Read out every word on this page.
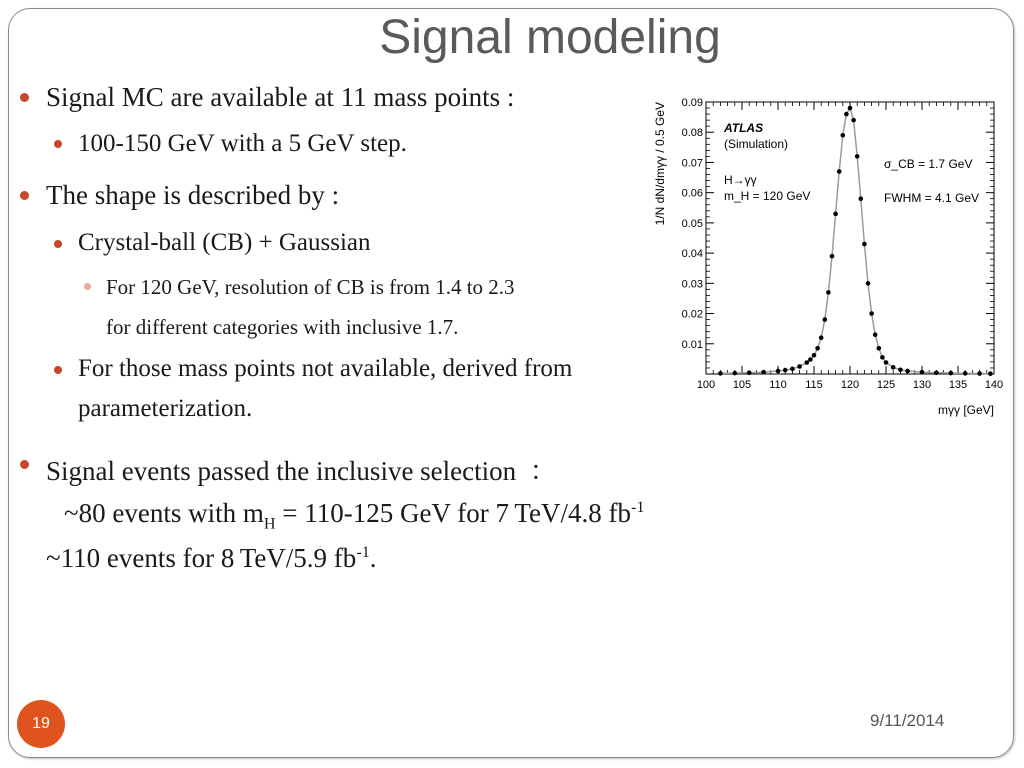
Signal modeling
Signal MC are available at 11 mass points :
100-150 GeV with a 5 GeV step.
The shape is described by :
Crystal-ball (CB) + Gaussian
For 120 GeV, resolution of CB is from 1.4 to 2.3
for different categories with inclusive 1.7.
For those mass points not available, derived from
parameterization.
Signal events passed the inclusive selection  ：
~80 events with $m_H = 110-125$ GeV for 7 TeV/4.8 $fb^{-1}$
~110 events for 8 TeV/5.9 $fb^{-1}$.
100 105 110 115 120 125 130 135 140
0.01
0.02
0.03
0.04
0.05
0.06
0.07
0.08
0.09
mγγ [GeV]
1/N dN/dmγγ / 0.5 GeV	ATLAS
(Simulation)
H→γγ
m_H = 120 GeV
σ_CB = 1.7 GeV
FWHM = 4.1 GeV
19	9/11/2014
